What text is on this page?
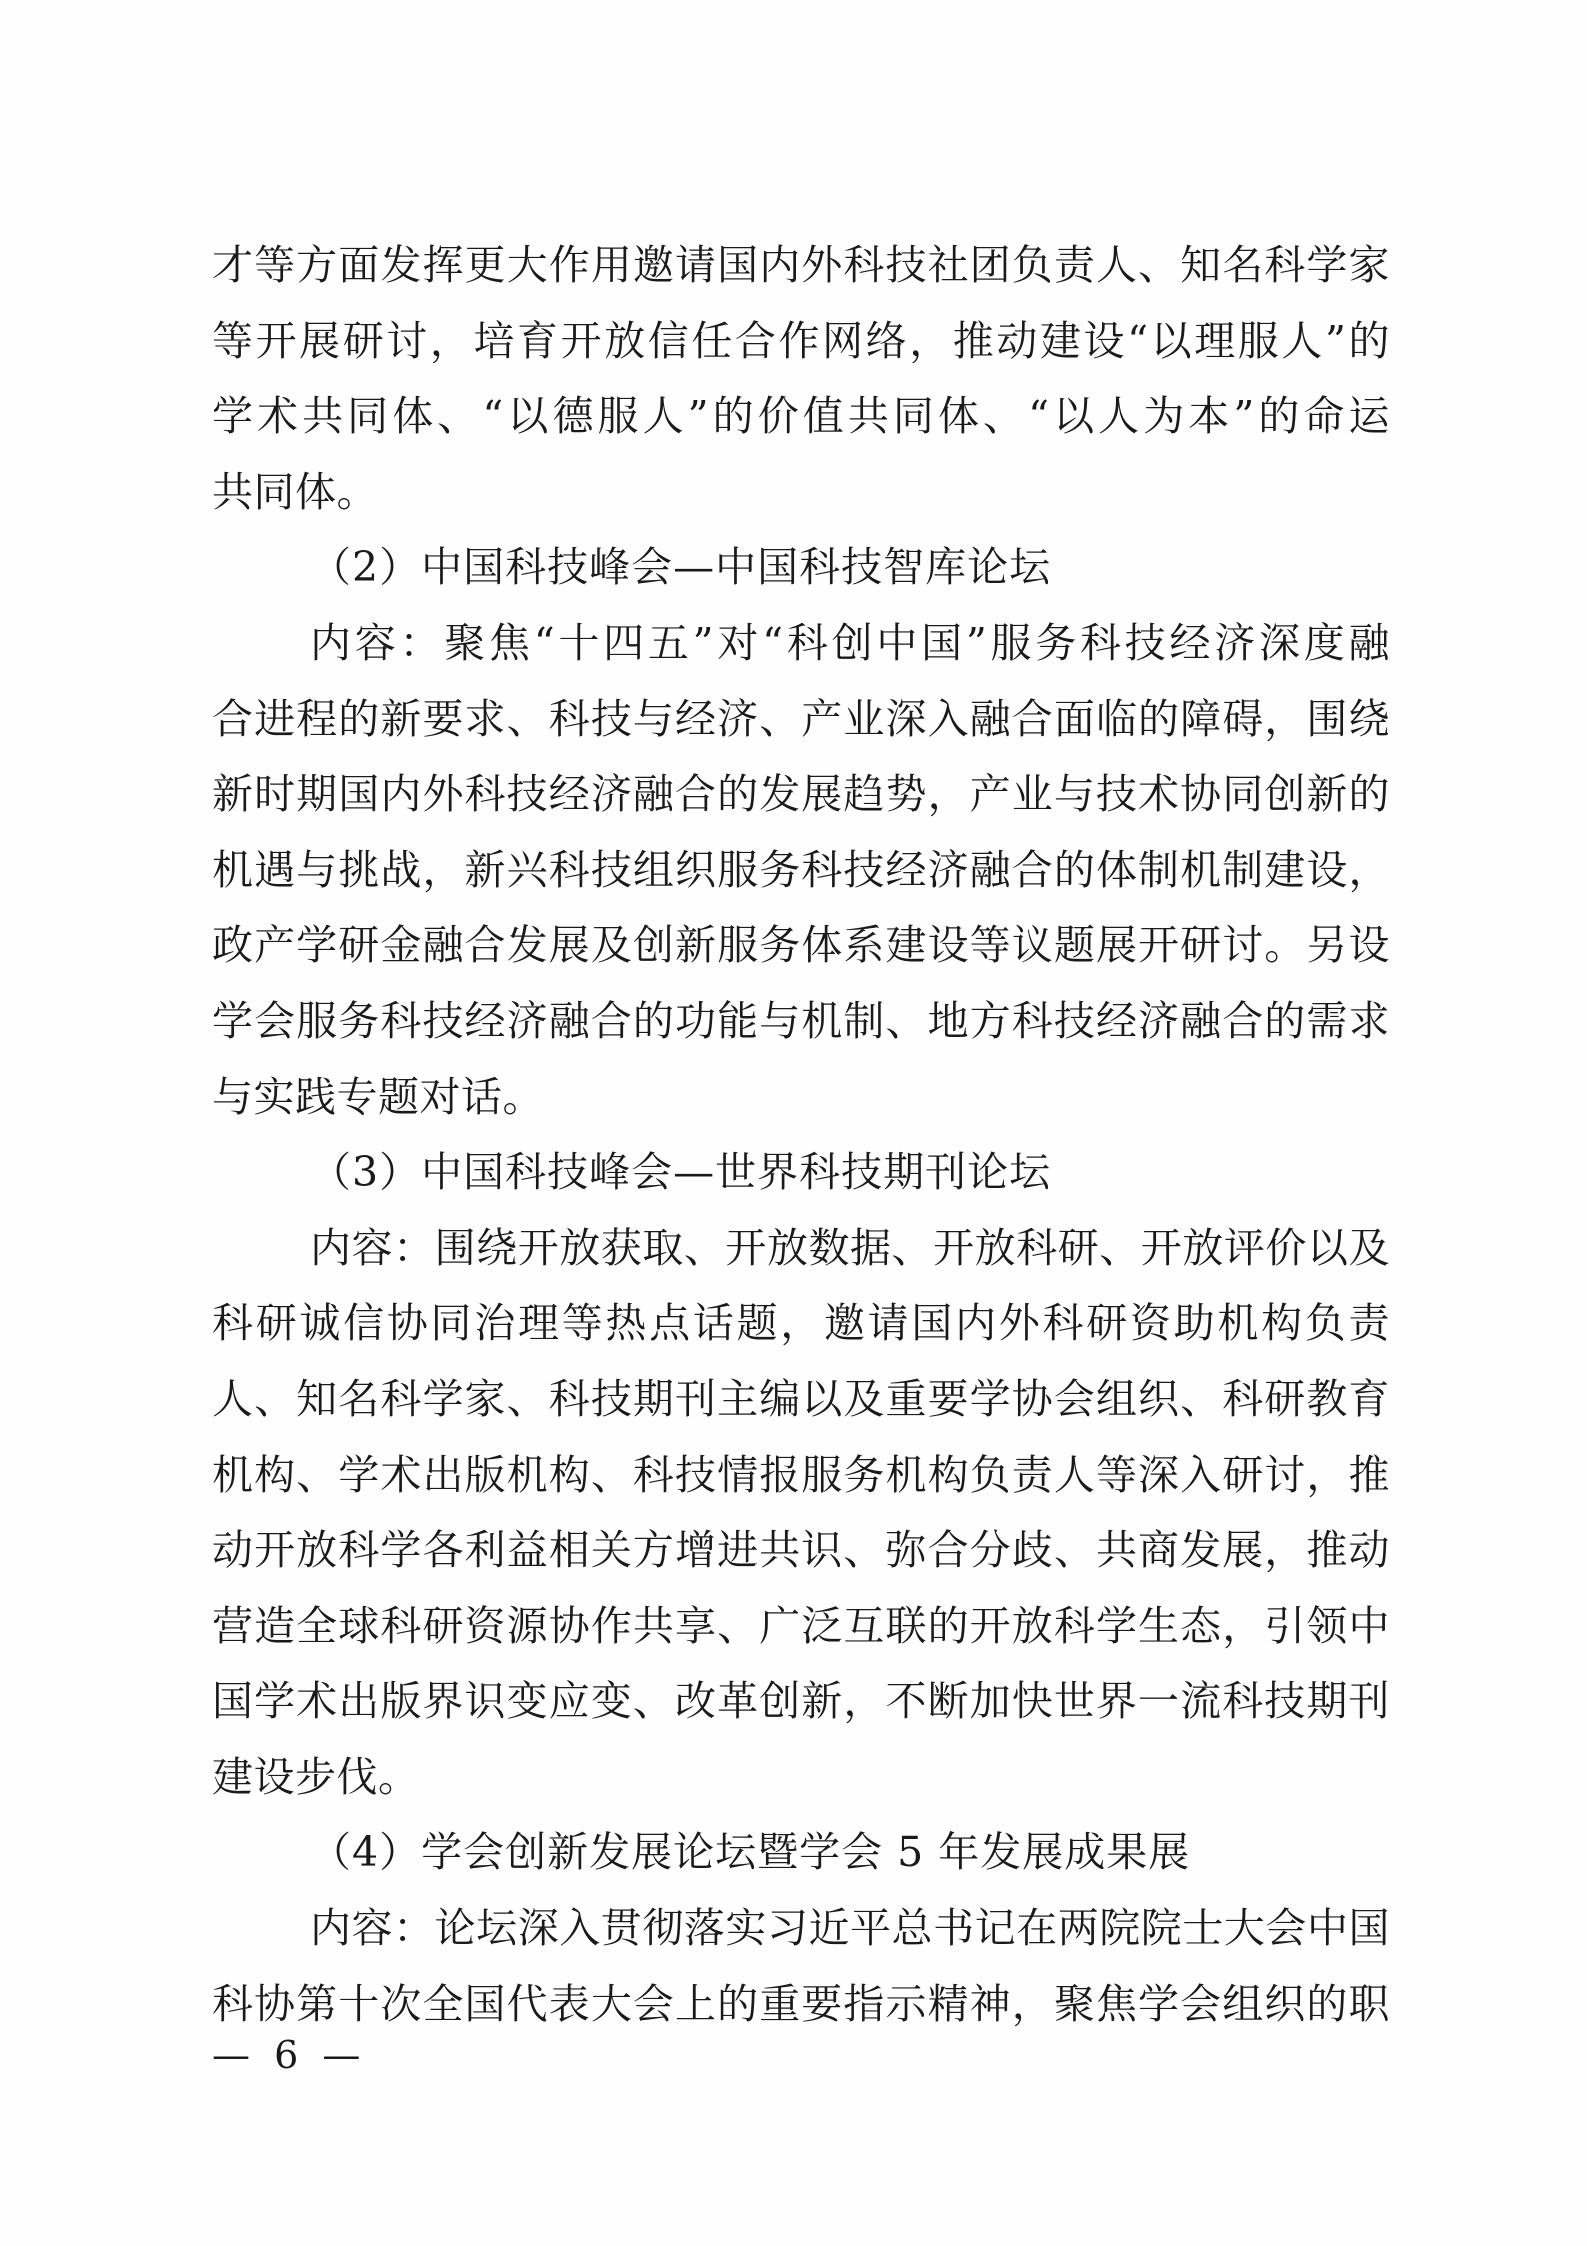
才等方面发挥更大作用邀请国内外科技社团负责人、知名科学家
等开展研讨，培育开放信任合作网络，推动建设“以理服人”的
学术共同体、“以德服人”的价值共同体、“以人为本”的命运
共同体。
（2）中国科技峰会—中国科技智库论坛
内容：聚焦“十四五”对“科创中国”服务科技经济深度融
合进程的新要求、科技与经济、产业深入融合面临的障碍，围绕
新时期国内外科技经济融合的发展趋势，产业与技术协同创新的
机遇与挑战，新兴科技组织服务科技经济融合的体制机制建设，
政产学研金融合发展及创新服务体系建设等议题展开研讨。另设
学会服务科技经济融合的功能与机制、地方科技经济融合的需求
与实践专题对话。
（3）中国科技峰会—世界科技期刊论坛
内容：围绕开放获取、开放数据、开放科研、开放评价以及
科研诚信协同治理等热点话题，邀请国内外科研资助机构负责
人、知名科学家、科技期刊主编以及重要学协会组织、科研教育
机构、学术出版机构、科技情报服务机构负责人等深入研讨，推
动开放科学各利益相关方增进共识、弥合分歧、共商发展，推动
营造全球科研资源协作共享、广泛互联的开放科学生态，引领中
国学术出版界识变应变、改革创新，不断加快世界一流科技期刊
建设步伐。
（4）学会创新发展论坛暨学会 5 年发展成果展
内容：论坛深入贯彻落实习近平总书记在两院院士大会中国
科协第十次全国代表大会上的重要指示精神，聚焦学会组织的职
— 6 —
